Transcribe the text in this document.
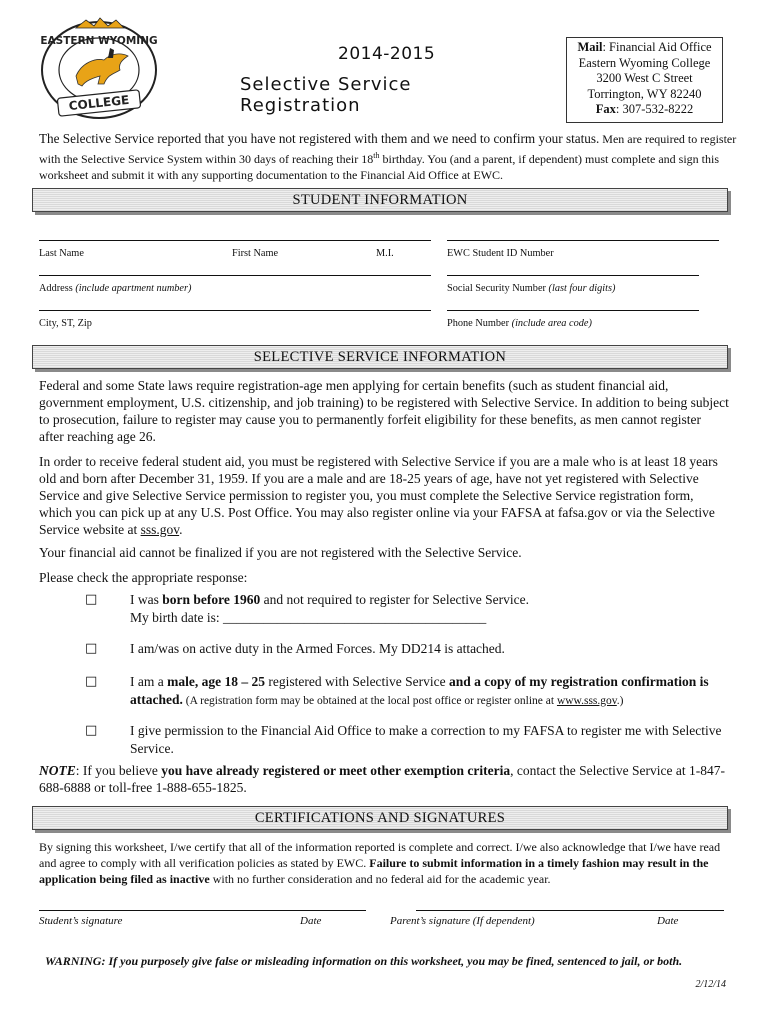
EASTERN WYOMING
COLLEGE
2014-2015
Selective Service Registration
Mail: Financial Aid Office
Eastern Wyoming College
3200 West C Street
Torrington, WY 82240
Fax: 307-532-8222
The Selective Service reported that you have not registered with them and we need to confirm your status. Men are required to register with the Selective Service System within 30 days of reaching their 18th birthday. You (and a parent, if dependent) must complete and sign this worksheet and submit it with any supporting documentation to the Financial Aid Office at EWC.
STUDENT INFORMATION
Last Name	First Name	M.I.	EWC Student ID Number
Address (include apartment number)	Social Security Number (last four digits)
City, ST, Zip	Phone Number (include area code)
SELECTIVE SERVICE INFORMATION
Federal and some State laws require registration-age men applying for certain benefits (such as student financial aid, government employment, U.S. citizenship, and job training) to be registered with Selective Service. In addition to being subject to prosecution, failure to register may cause you to permanently forfeit eligibility for these benefits, as men cannot register after reaching age 26.
In order to receive federal student aid, you must be registered with Selective Service if you are a male who is at least 18 years old and born after December 31, 1959. If you are a male and are 18-25 years of age, have not yet registered with Selective Service and give Selective Service permission to register you, you must complete the Selective Service registration form, which you can pick up at any U.S. Post Office. You may also register online via your FAFSA at fafsa.gov or via the Selective Service website at sss.gov.
Your financial aid cannot be finalized if you are not registered with the Selective Service.
Please check the appropriate response:
□ I was born before 1960 and not required to register for Selective Service.
My birth date is: _______________________________________
□ I am/was on active duty in the Armed Forces. My DD214 is attached.
□ I am a male, age 18 – 25 registered with Selective Service and a copy of my registration confirmation is attached. (A registration form may be obtained at the local post office or register online at www.sss.gov.)
□ I give permission to the Financial Aid Office to make a correction to my FAFSA to register me with Selective Service.
NOTE: If you believe you have already registered or meet other exemption criteria, contact the Selective Service at 1-847-688-6888 or toll-free 1-888-655-1825.
CERTIFICATIONS AND SIGNATURES
By signing this worksheet, I/we certify that all of the information reported is complete and correct. I/we also acknowledge that I/we have read and agree to comply with all verification policies as stated by EWC. Failure to submit information in a timely fashion may result in the application being filed as inactive with no further consideration and no federal aid for the academic year.
Student’s signature	Date	Parent’s signature (If dependent)	Date
WARNING: If you purposely give false or misleading information on this worksheet, you may be fined, sentenced to jail, or both.
2/12/14
